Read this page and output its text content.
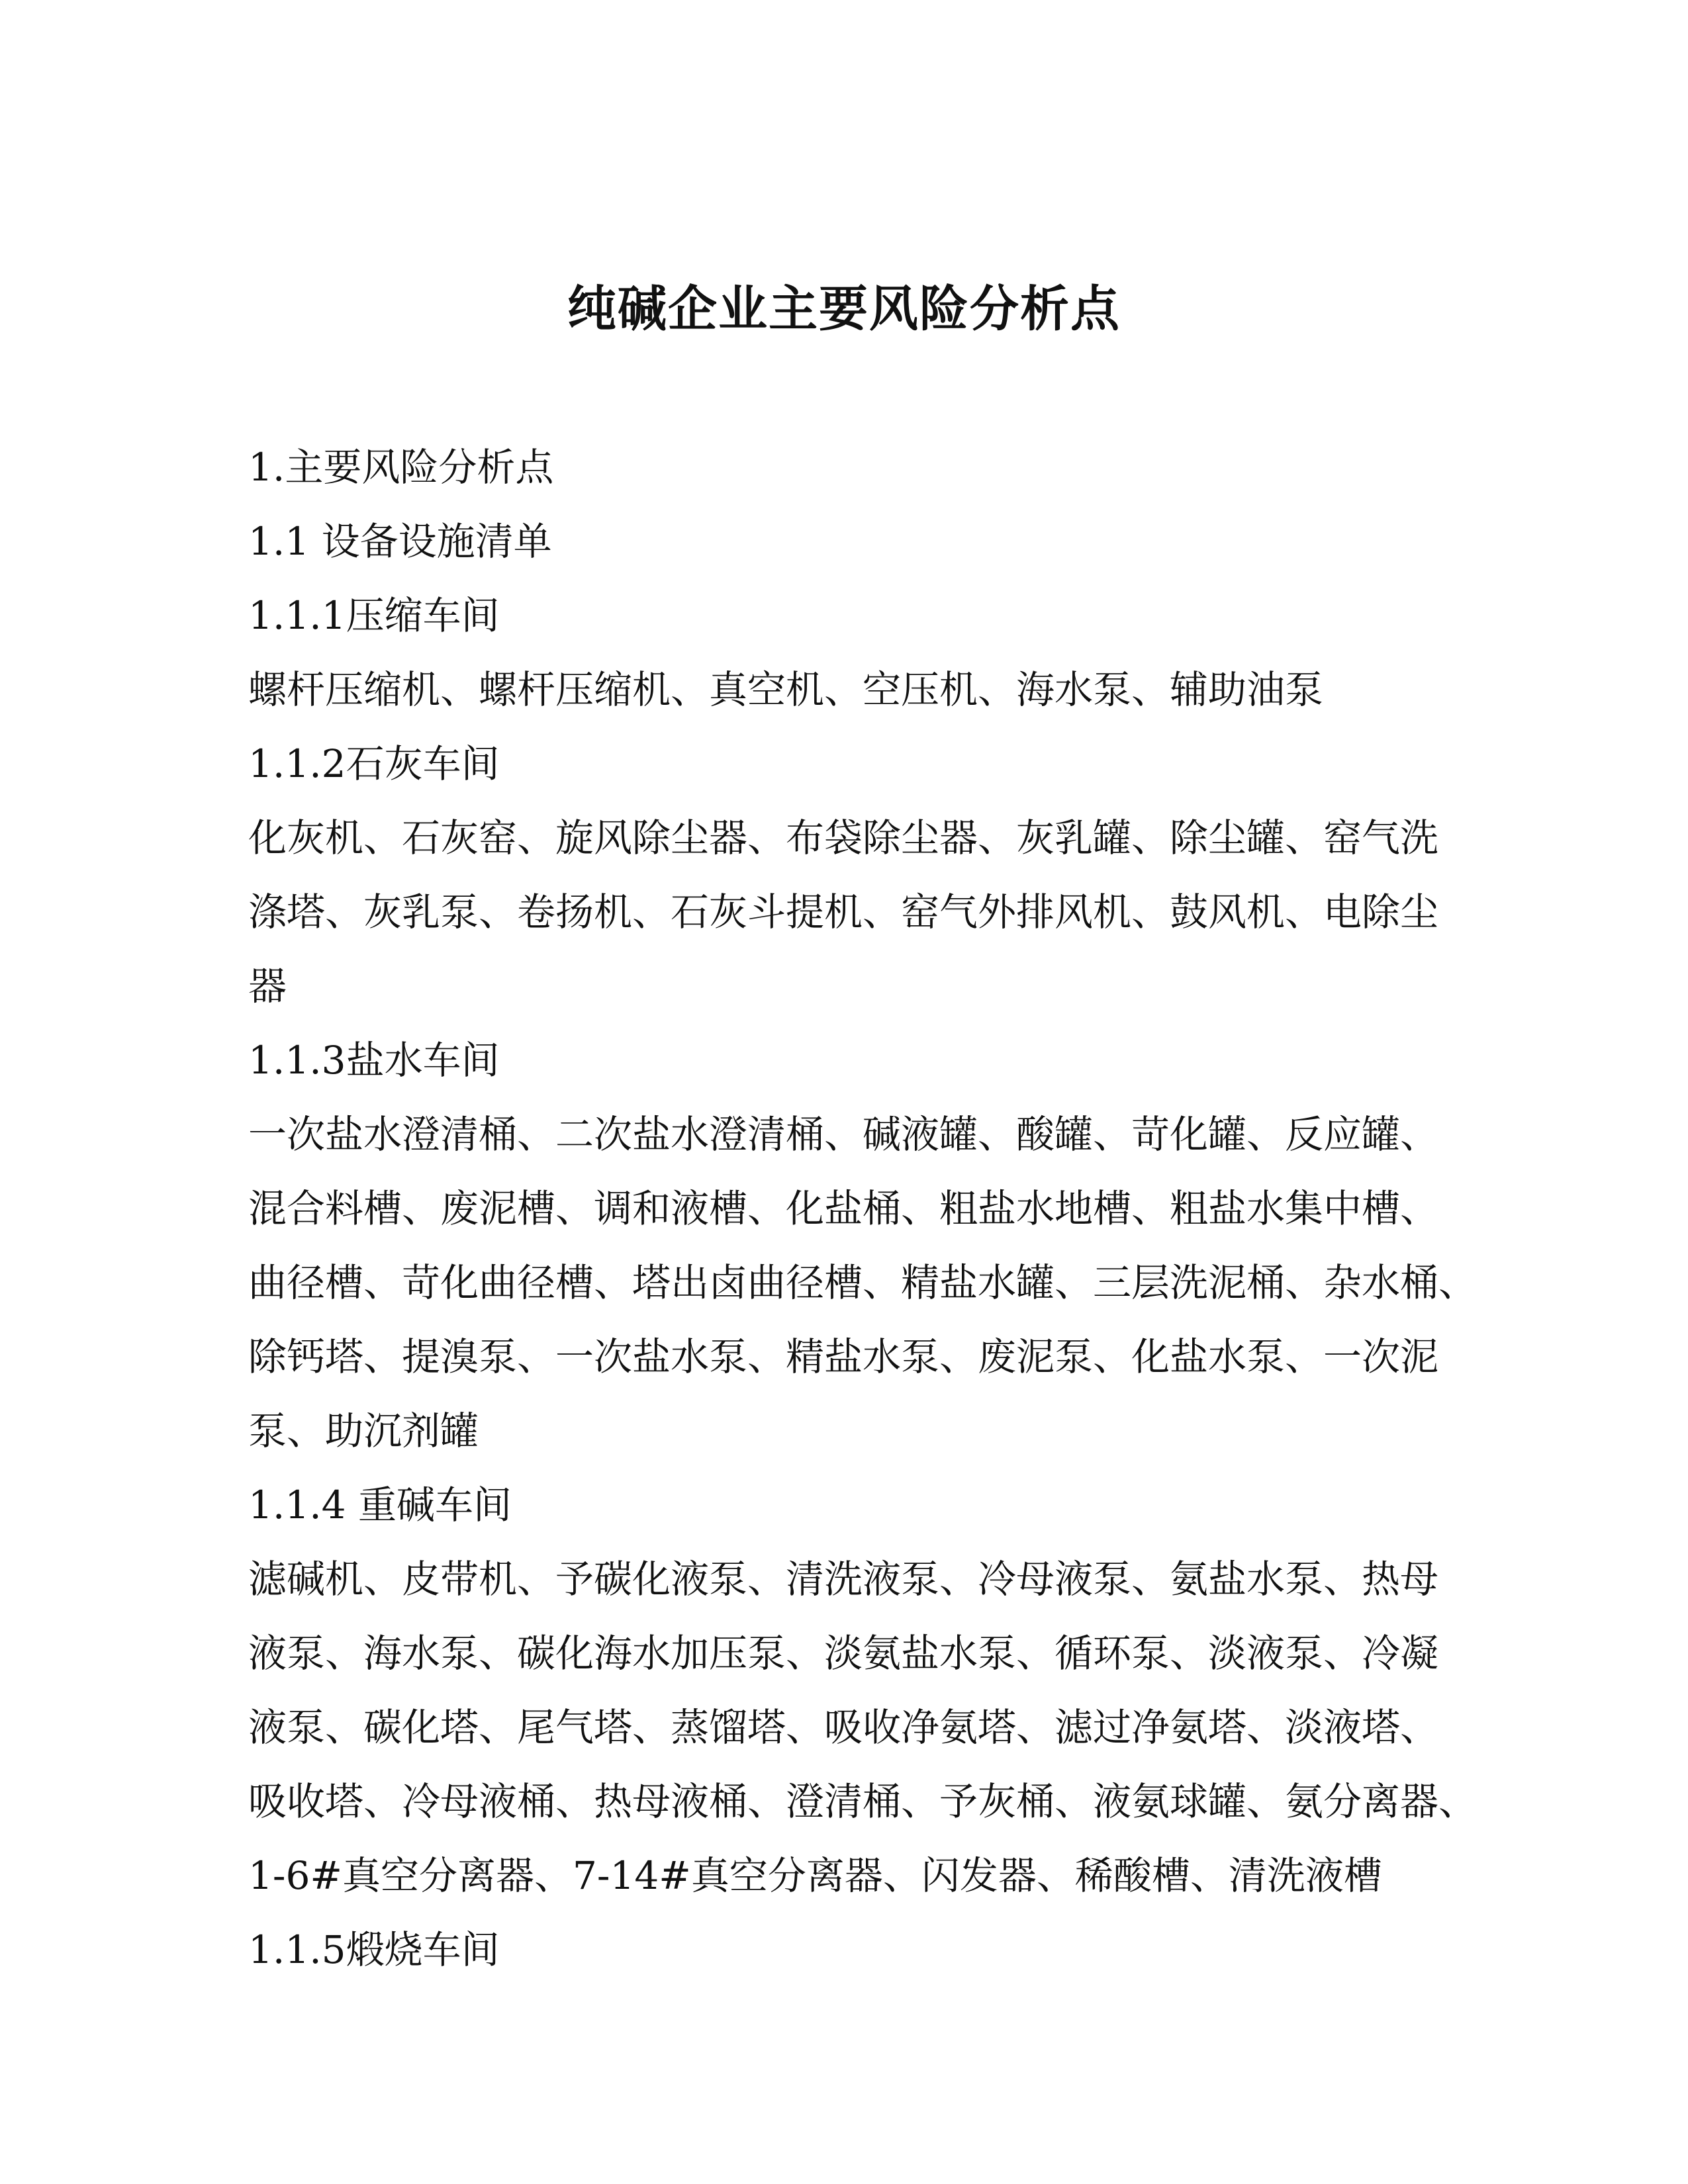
纯碱企业主要风险分析点

1.主要风险分析点

1.1 设备设施清单

1.1.1压缩车间

螺杆压缩机、螺杆压缩机、真空机、空压机、海水泵、辅助油泵

1.1.2石灰车间

化灰机、石灰窑、旋风除尘器、布袋除尘器、灰乳罐、除尘罐、窑气洗

涤塔、灰乳泵、卷扬机、石灰斗提机、窑气外排风机、鼓风机、电除尘

器

1.1.3盐水车间

一次盐水澄清桶、二次盐水澄清桶、碱液罐、酸罐、苛化罐、反应罐、

混合料槽、废泥槽、调和液槽、化盐桶、粗盐水地槽、粗盐水集中槽、

曲径槽、苛化曲径槽、塔出卤曲径槽、精盐水罐、三层洗泥桶、杂水桶、

除钙塔、提溴泵、一次盐水泵、精盐水泵、废泥泵、化盐水泵、一次泥

泵、助沉剂罐

1.1.4 重碱车间

滤碱机、皮带机、予碳化液泵、清洗液泵、冷母液泵、氨盐水泵、热母

液泵、海水泵、碳化海水加压泵、淡氨盐水泵、循环泵、淡液泵、冷凝

液泵、碳化塔、尾气塔、蒸馏塔、吸收净氨塔、滤过净氨塔、淡液塔、

吸收塔、冷母液桶、热母液桶、澄清桶、予灰桶、液氨球罐、氨分离器、

1-6#真空分离器、7-14#真空分离器、闪发器、稀酸槽、清洗液槽

1.1.5煅烧车间
